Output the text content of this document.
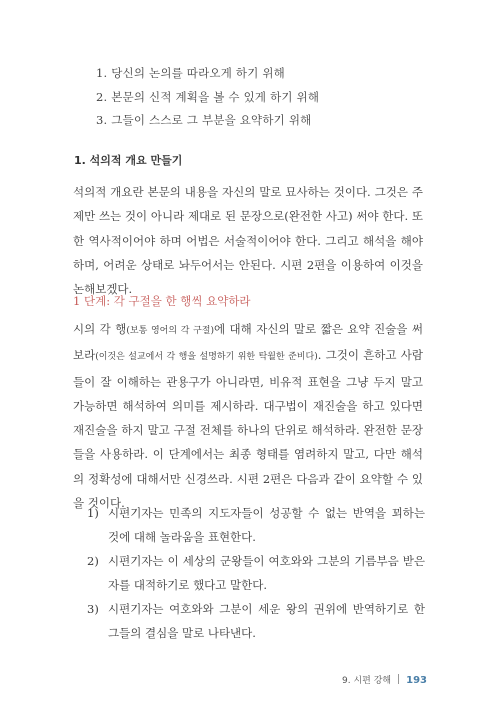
1. 당신의 논의를 따라오게 하기 위해
2. 본문의 신적 계획을 볼 수 있게 하기 위해
3. 그들이 스스로 그 부분을 요약하기 위해
1. 석의적 개요 만들기

석의적 개요란 본문의 내용을 자신의 말로 묘사하는 것이다. 그것은 주제만 쓰는 것이 아니라 제대로 된 문장으로(완전한 사고) 써야 한다. 또한 역사적이어야 하며 어법은 서술적이어야 한다. 그리고 해석을 해야 하며, 어려운 상태로 놔두어서는 안된다. 시편 2편을 이용하여 이것을 논해보겠다.

1 단계: 각 구절을 한 행씩 요약하라

시의 각 행(보통 영어의 각 구절)에 대해 자신의 말로 짧은 요약 진술을 써보라(이것은 설교에서 각 행을 설명하기 위한 탁월한 준비다). 그것이 흔하고 사람들이 잘 이해하는 관용구가 아니라면, 비유적 표현을 그냥 두지 말고 가능하면 해석하여 의미를 제시하라. 대구법이 재진술을 하고 있다면 재진술을 하지 말고 구절 전체를 하나의 단위로 해석하라. 완전한 문장들을 사용하라. 이 단계에서는 최종 형태를 염려하지 말고, 다만 해석의 정확성에 대해서만 신경쓰라. 시편 2편은 다음과 같이 요약할 수 있을 것이다.

1) 시편기자는 민족의 지도자들이 성공할 수 없는 반역을 꾀하는 것에 대해 놀라움을 표현한다.

2) 시편기자는 이 세상의 군왕들이 여호와와 그분의 기름부음 받은 자를 대적하기로 했다고 말한다.

3) 시편기자는 여호와와 그분이 세운 왕의 권위에 반역하기로 한 그들의 결심을 말로 나타낸다.

9. 시편 강해 193
